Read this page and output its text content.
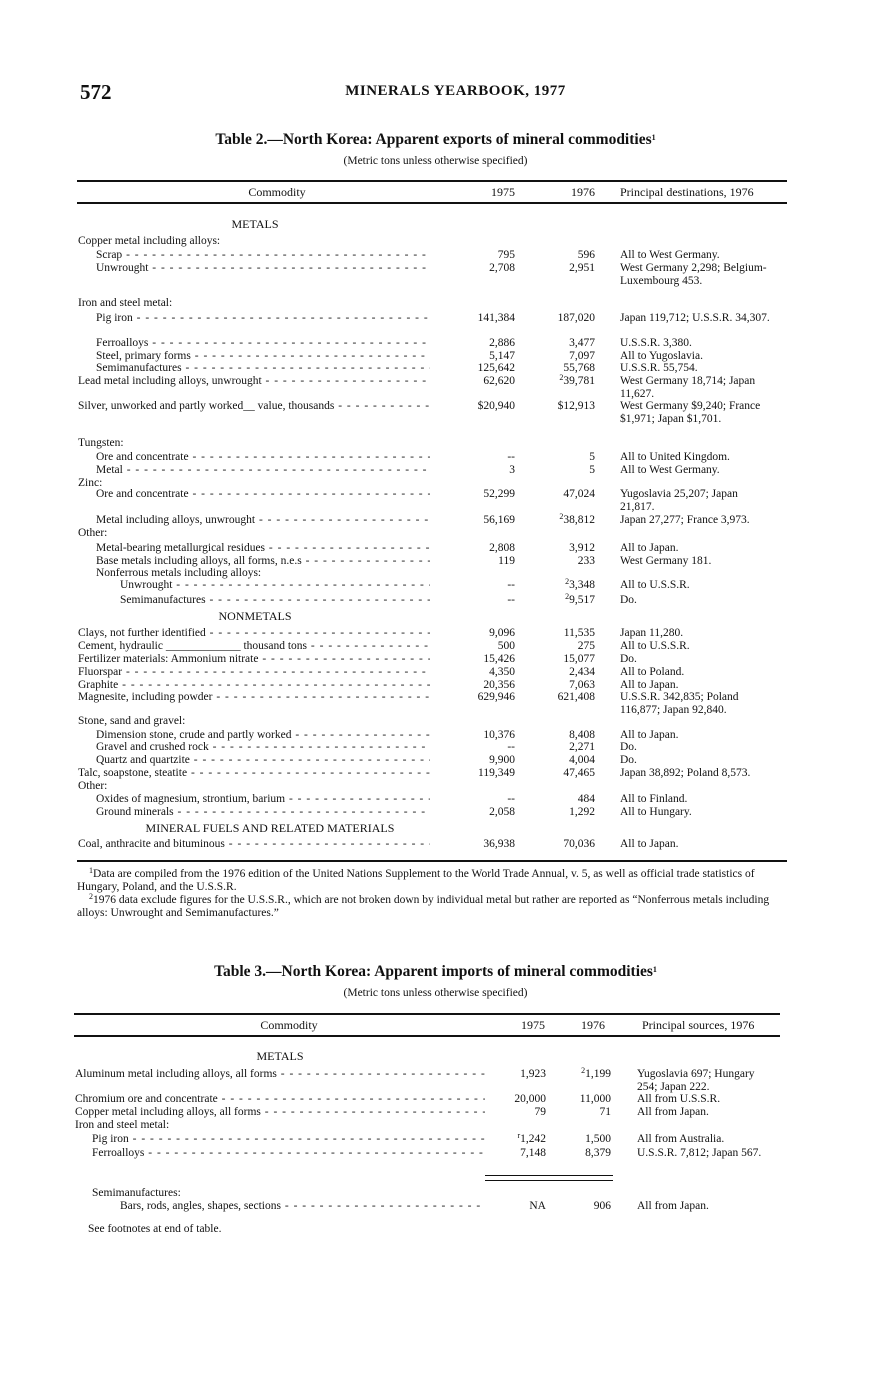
572	MINERALS YEARBOOK, 1977
Table 2.—North Korea: Apparent exports of mineral commodities$^1$
(Metric tons unless otherwise specified)
Commodity	1975	1976 Principal destinations, 1976
METALS
NONMETALS
MINERAL FUELS AND RELATED MATERIALS
Copper metal including alloys:
Scrap - - -	795	596	All to West Germany.
Unwrought - - -	2,708	2,951	West Germany 2,298; Belgium-Luxembourg 453.
Iron and steel metal:
Pig iron - - -	141,384	187,020	Japan 119,712; U.S.S.R. 34,307.
Ferroalloys - - -	2,886	3,477	U.S.S.R. 3,380.
Steel, primary forms - - -	5,147	7,097	All to Yugoslavia.
Semimanufactures - - -	125,642	55,768	U.S.S.R. 55,754.
Lead metal including alloys, unwrought - - -	62,620	$^2$39,781	West Germany 18,714; Japan 11,627.
Silver, unworked and partly worked__ value, thousands - - -	$20,940	$12,913	West Germany $9,240; France $1,971; Japan $1,701.
Tungsten:
Ore and concentrate - - -	--	5	All to United Kingdom.
Metal - - -	3	5	All to West Germany.
Zinc:
Ore and concentrate - - -	52,299	47,024	Yugoslavia 25,207; Japan 21,817.
Metal including alloys, unwrought - - -	56,169	$^2$38,812	Japan 27,277; France 3,973.
Other:
Metal-bearing metallurgical residues - - -	2,808	3,912	All to Japan.
Base metals including alloys, all forms, n.e.s - - -	119	233	West Germany 181.
Nonferrous metals including alloys:
Unwrought - - -	--	$^2$3,348	All to U.S.S.R.
Semimanufactures - - -	--	$^2$9,517	Do.
Clays, not further identified - - -	9,096	11,535	Japan 11,280.
Cement, hydraulic _____________ thousand tons - - -	500	275	All to U.S.S.R.
Fertilizer materials: Ammonium nitrate - - -	15,426	15,077	Do.
Fluorspar - - -	4,350	2,434	All to Poland.
Graphite - - -	20,356	7,063	All to Japan.
Magnesite, including powder - - -	629,946	621,408	U.S.S.R. 342,835; Poland 116,877; Japan 92,840.
Stone, sand and gravel:
Dimension stone, crude and partly worked - - -	10,376	8,408	All to Japan.
Gravel and crushed rock - - -	--	2,271	Do.
Quartz and quartzite - - -	9,900	4,004	Do.
Talc, soapstone, steatite - - -	119,349	47,465	Japan 38,892; Poland 8,573.
Other:
Oxides of magnesium, strontium, barium - - -	--	484	All to Finland.
Ground minerals - - -	2,058	1,292	All to Hungary.
Coal, anthracite and bituminous - - -	36,938	70,036	All to Japan.
$^1$Data are compiled from the 1976 edition of the United Nations Supplement to the World Trade Annual, v. 5, as well as official trade statistics of Hungary, Poland, and the U.S.S.R.
$^2$1976 data exclude figures for the U.S.S.R., which are not broken down by individual metal but rather are reported as “Nonferrous metals including alloys: Unwrought and Semimanufactures.”
Table 3.—North Korea: Apparent imports of mineral commodities$^1$
(Metric tons unless otherwise specified)
Commodity	1975	1976	Principal sources, 1976
METALS
Aluminum metal including alloys, all forms - - -	1,923	$^2$1,199 Yugoslavia 697; Hungary 254; Japan 222.
Chromium ore and concentrate - - -	20,000	11,000 All from U.S.S.R.
Copper metal including alloys, all forms - - -	79	71 All from Japan.
Iron and steel metal:
Pig iron - - -	$^r$1,242	1,500 All from Australia.
Ferroalloys - - -	7,148	8,379 U.S.S.R. 7,812; Japan 567.
Semimanufactures:
Bars, rods, angles, shapes, sections - - -	NA	906 All from Japan.
See footnotes at end of table.
